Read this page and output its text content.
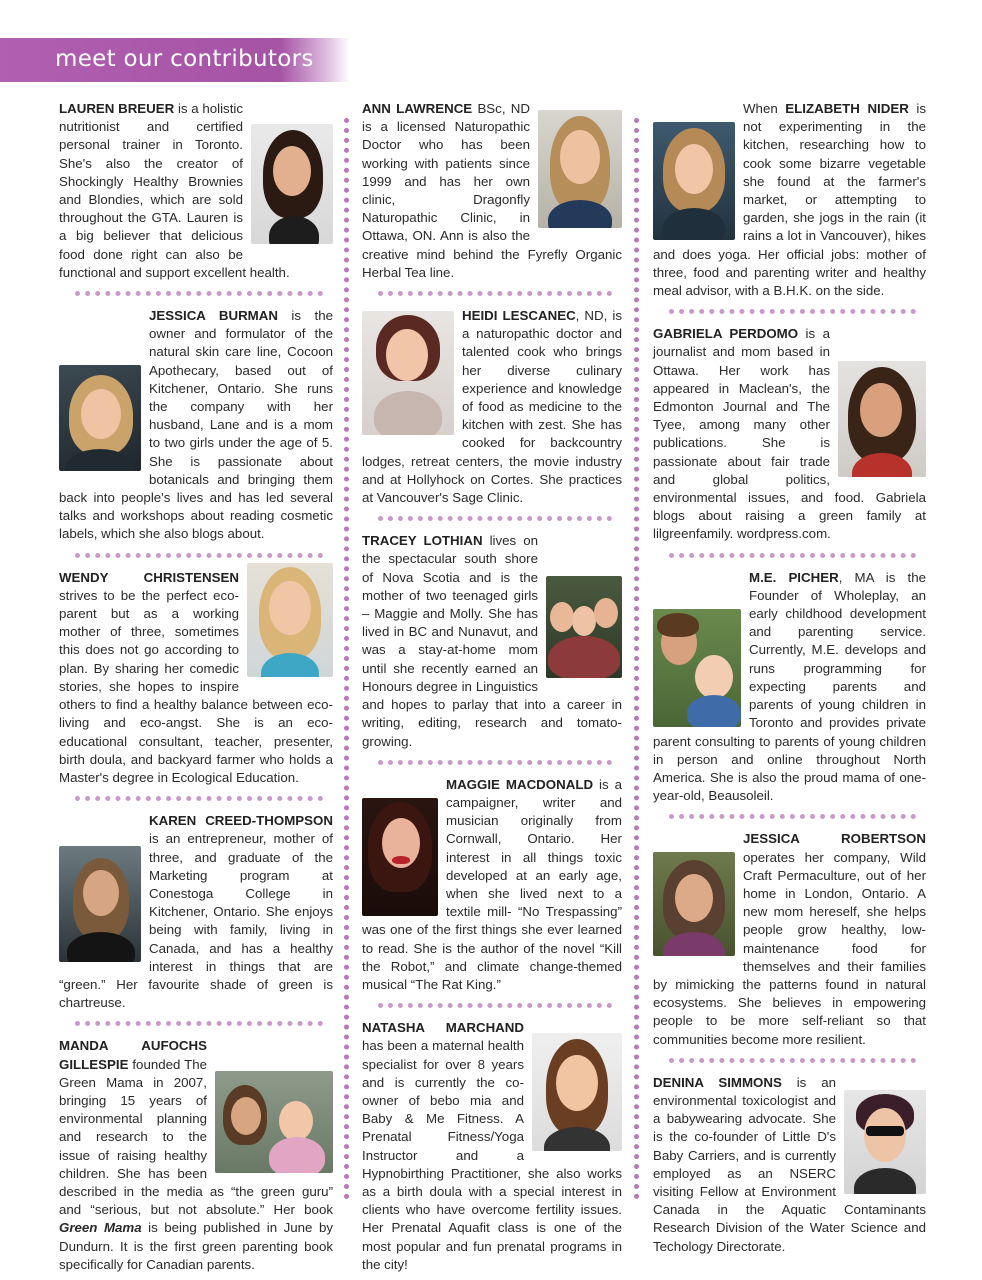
meet our contributors

LAUREN BREUER is a holistic nutritionist and certified personal trainer in Toronto. She's also the creator of Shockingly Healthy Brownies and Blondies, which are sold throughout the GTA. Lauren is a big believer that delicious food done right can also be functional and support excellent health.

JESSICA BURMAN is the owner and formulator of the natural skin care line, Cocoon Apothecary, based out of Kitchener, Ontario. She runs the company with her husband, Lane and is a mom to two girls under the age of 5. She is passionate about botanicals and bringing them back into people's lives and has led several talks and workshops about reading cosmetic labels, which she also blogs about.

WENDY CHRISTENSEN strives to be the perfect eco-parent but as a working mother of three, sometimes this does not go according to plan. By sharing her comedic stories, she hopes to inspire others to find a healthy balance between eco-living and eco-angst. She is an eco-educational consultant, teacher, presenter, birth doula, and backyard farmer who holds a Master's degree in Ecological Education.

KAREN CREED-THOMPSON is an entrepreneur, mother of three, and graduate of the Marketing program at Conestoga College in Kitchener, Ontario. She enjoys being with family, living in Canada, and has a healthy interest in things that are “green.” Her favourite shade of green is chartreuse.

MANDA AUFOCHS GILLESPIE founded The Green Mama in 2007, bringing 15 years of environmental planning and research to the issue of raising healthy children. She has been described in the media as “the green guru” and “serious, but not absolute.” Her book Green Mama is being published in June by Dundurn. It is the first green parenting book specifically for Canadian parents.

ANN LAWRENCE BSc, ND is a licensed Naturopathic Doctor who has been working with patients since 1999 and has her own clinic, Dragonfly Naturopathic Clinic, in Ottawa, ON. Ann is also the creative mind behind the Fyrefly Organic Herbal Tea line.

HEIDI LESCANEC, ND, is a naturopathic doctor and talented cook who brings her diverse culinary experience and knowledge of food as medicine to the kitchen with zest. She has cooked for backcountry lodges, retreat centers, the movie industry and at Hollyhock on Cortes. She practices at Vancouver's Sage Clinic.

TRACEY LOTHIAN lives on the spectacular south shore of Nova Scotia and is the mother of two teenaged girls – Maggie and Molly. She has lived in BC and Nunavut, and was a stay-at-home mom until she recently earned an Honours degree in Linguistics and hopes to parlay that into a career in writing, editing, research and tomato-growing.

MAGGIE MACDONALD is a campaigner, writer and musician originally from Cornwall, Ontario. Her interest in all things toxic developed at an early age, when she lived next to a textile mill- “No Trespassing” was one of the first things she ever learned to read. She is the author of the novel “Kill the Robot,” and climate change-themed musical “The Rat King.”

NATASHA MARCHAND has been a maternal health specialist for over 8 years and is currently the co-owner of bebo mia and Baby & Me Fitness. A Prenatal Fitness/Yoga Instructor and a Hypnobirthing Practitioner, she also works as a birth doula with a special interest in clients who have overcome fertility issues. Her Prenatal Aquafit class is one of the most popular and fun prenatal programs in the city!

When ELIZABETH NIDER is not experimenting in the kitchen, researching how to cook some bizarre vegetable she found at the farmer's market, or attempting to garden, she jogs in the rain (it rains a lot in Vancouver), hikes and does yoga. Her official jobs: mother of three, food and parenting writer and healthy meal advisor, with a B.H.K. on the side.

GABRIELA PERDOMO is a journalist and mom based in Ottawa. Her work has appeared in Maclean's, the Edmonton Journal and The Tyee, among many other publications. She is passionate about fair trade and global politics, environmental issues, and food. Gabriela blogs about raising a green family at lilgreenfamily. wordpress.com.

M.E. PICHER, MA is the Founder of Wholeplay, an early childhood development and parenting service. Currently, M.E. develops and runs programming for expecting parents and parents of young children in Toronto and provides private parent consulting to parents of young children in person and online throughout North America. She is also the proud mama of one-year-old, Beausoleil.

JESSICA ROBERTSON operates her company, Wild Craft Permaculture, out of her home in London, Ontario. A new mom hereself, she helps people grow healthy, low-maintenance food for themselves and their families by mimicking the patterns found in natural ecosystems. She believes in empowering people to be more self-reliant so that communities become more resilient.

DENINA SIMMONS is an environmental toxicologist and a babywearing advocate. She is the co-founder of Little D's Baby Carriers, and is currently employed as an NSERC visiting Fellow at Environment Canada in the Aquatic Contaminants Research Division of the Water Science and Techology Directorate.
